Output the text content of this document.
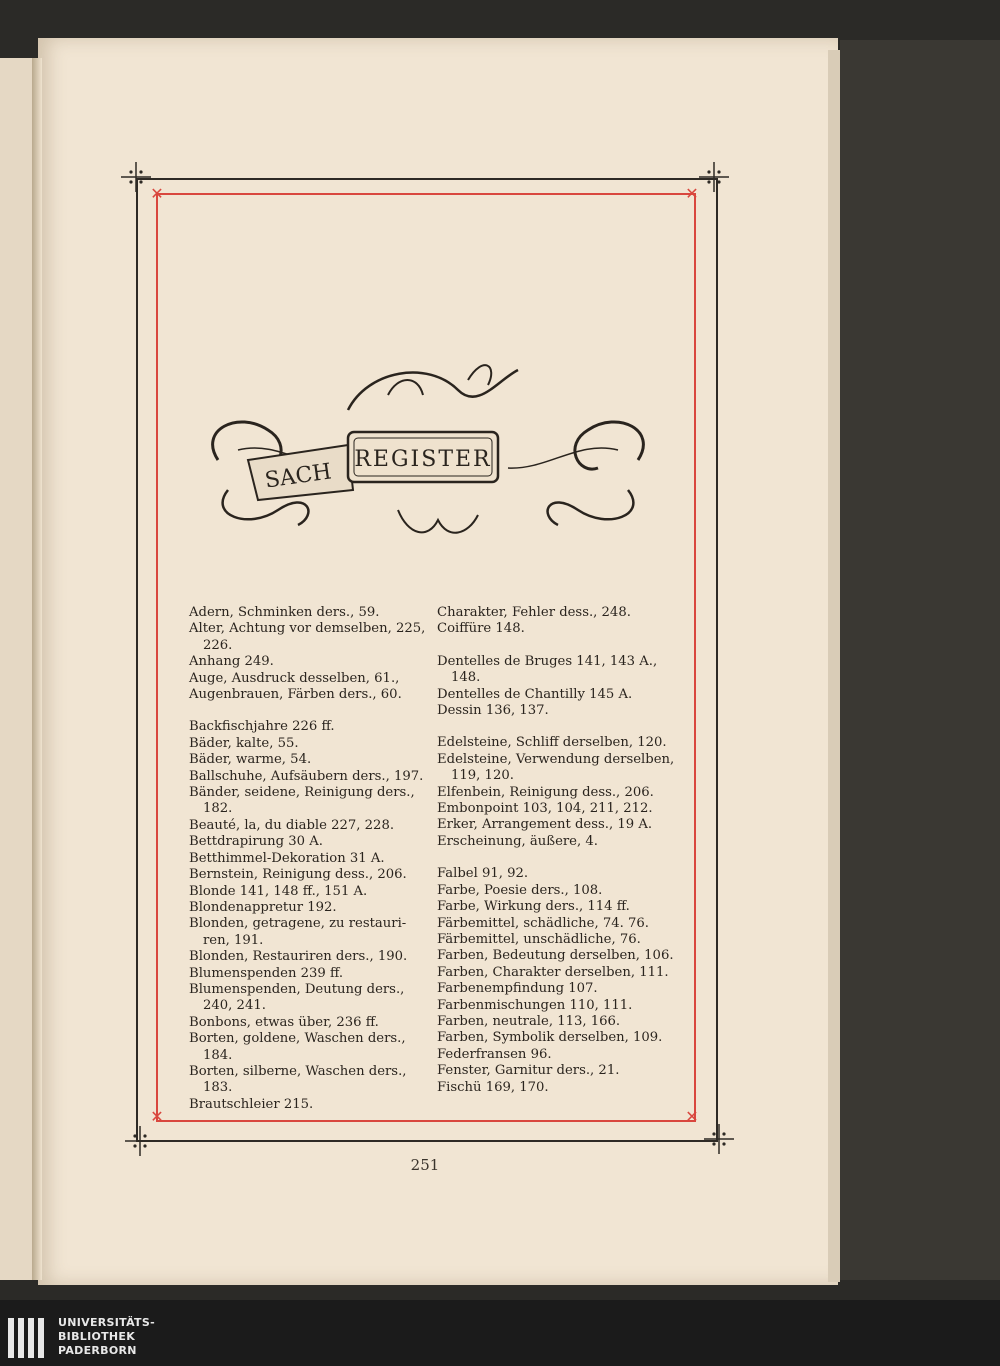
✕	✕
✕	✕
SACH REGISTER
Adern, Schminken ders., 59.
Alter, Achtung vor demselben, 225,
226.
Anhang 249.
Auge, Ausdruck desselben, 61.,
Augenbrauen, Färben ders., 60.
Backfischjahre 226 ff.
Bäder, kalte, 55.
Bäder, warme, 54.
Ballschuhe, Aufsäubern ders., 197.
Bänder, seidene, Reinigung ders.,
182.
Beauté, la, du diable 227, 228.
Bettdrapirung 30 A.
Betthimmel-Dekoration 31 A.
Bernstein, Reinigung dess., 206.
Blonde 141, 148 ff., 151 A.
Blondenappretur 192.
Blonden, getragene, zu restauri-
ren, 191.
Blonden, Restauriren ders., 190.
Blumenspenden 239 ff.
Blumenspenden, Deutung ders.,
240, 241.
Bonbons, etwas über, 236 ff.
Borten, goldene, Waschen ders.,
184.
Borten, silberne, Waschen ders.,
183.
Brautschleier 215.
Charakter, Fehler dess., 248.
Coiffüre 148.
Dentelles de Bruges 141, 143 A.,
148.
Dentelles de Chantilly 145 A.
Dessin 136, 137.
Edelsteine, Schliff derselben, 120.
Edelsteine, Verwendung derselben,
119, 120.
Elfenbein, Reinigung dess., 206.
Embonpoint 103, 104, 211, 212.
Erker, Arrangement dess., 19 A.
Erscheinung, äußere, 4.
Falbel 91, 92.
Farbe, Poesie ders., 108.
Farbe, Wirkung ders., 114 ff.
Färbemittel, schädliche, 74. 76.
Färbemittel, unschädliche, 76.
Farben, Bedeutung derselben, 106.
Farben, Charakter derselben, 111.
Farbenempfindung 107.
Farbenmischungen 110, 111.
Farben, neutrale, 113, 166.
Farben, Symbolik derselben, 109.
Federfransen 96.
Fenster, Garnitur ders., 21.
Fischü 169, 170.
251
UNIVERSITÄTS-
BIBLIOTHEK
PADERBORN
